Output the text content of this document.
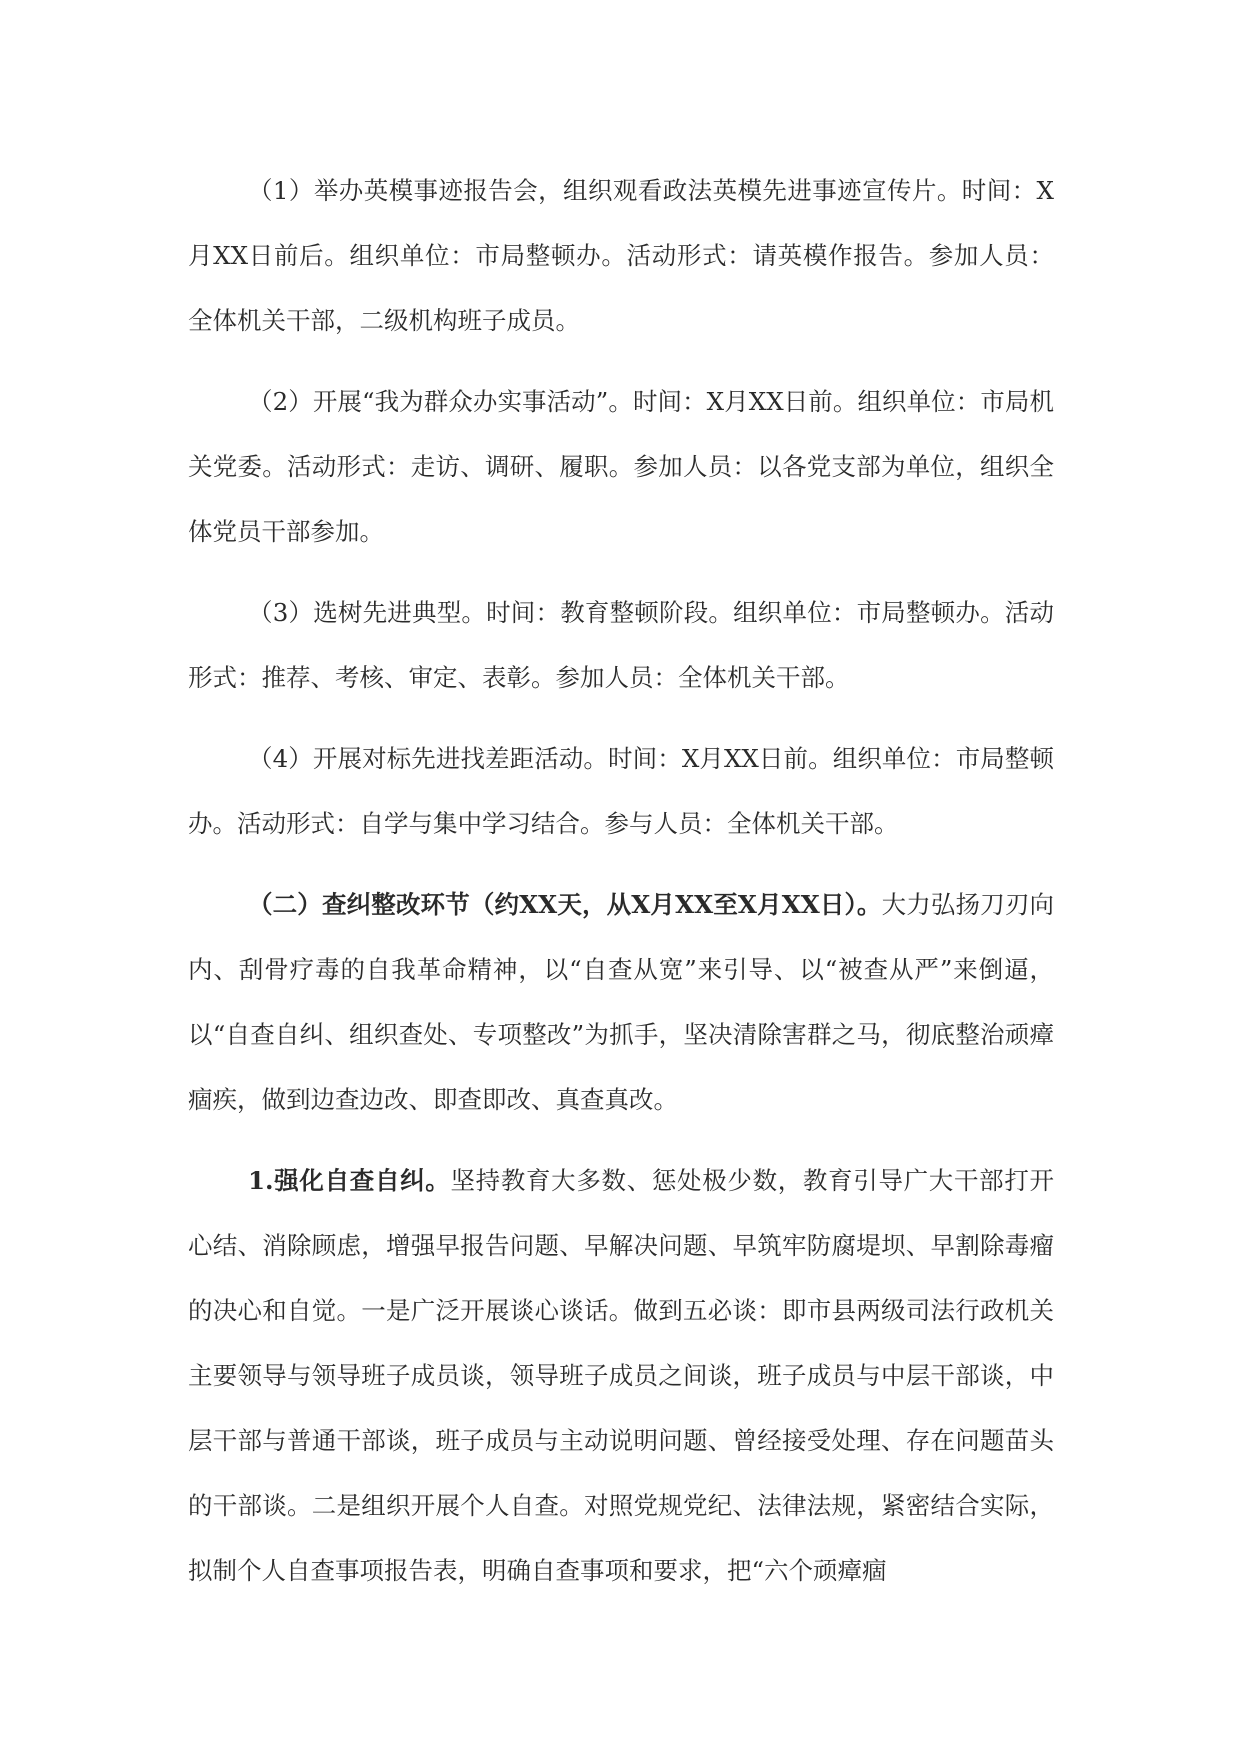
（1）举办英模事迹报告会，组织观看政法英模先进事迹宣传片。时间：X月XX日前后。组织单位：市局整顿办。活动形式：请英模作报告。参加人员：全体机关干部，二级机构班子成员。

（2）开展“我为群众办实事活动”。时间：X月XX日前。组织单位：市局机关党委。活动形式：走访、调研、履职。参加人员：以各党支部为单位，组织全体党员干部参加。

（3）选树先进典型。时间：教育整顿阶段。组织单位：市局整顿办。活动形式：推荐、考核、审定、表彰。参加人员：全体机关干部。

（4）开展对标先进找差距活动。时间：X月XX日前。组织单位：市局整顿办。活动形式：自学与集中学习结合。参与人员：全体机关干部。

（二）查纠整改环节（约XX天，从X月XX至X月XX日）。大力弘扬刀刃向内、刮骨疗毒的自我革命精神，以“自查从宽”来引导、以“被查从严”来倒逼，以“自查自纠、组织查处、专项整改”为抓手，坚决清除害群之马，彻底整治顽瘴痼疾，做到边查边改、即查即改、真查真改。

1.强化自查自纠。坚持教育大多数、惩处极少数，教育引导广大干部打开心结、消除顾虑，增强早报告问题、早解决问题、早筑牢防腐堤坝、早割除毒瘤的决心和自觉。一是广泛开展谈心谈话。做到五必谈：即市县两级司法行政机关主要领导与领导班子成员谈，领导班子成员之间谈，班子成员与中层干部谈，中层干部与普通干部谈，班子成员与主动说明问题、曾经接受处理、存在问题苗头的干部谈。二是组织开展个人自查。对照党规党纪、法律法规，紧密结合实际，拟制个人自查事项报告表，明确自查事项和要求，把“六个顽瘴痼
